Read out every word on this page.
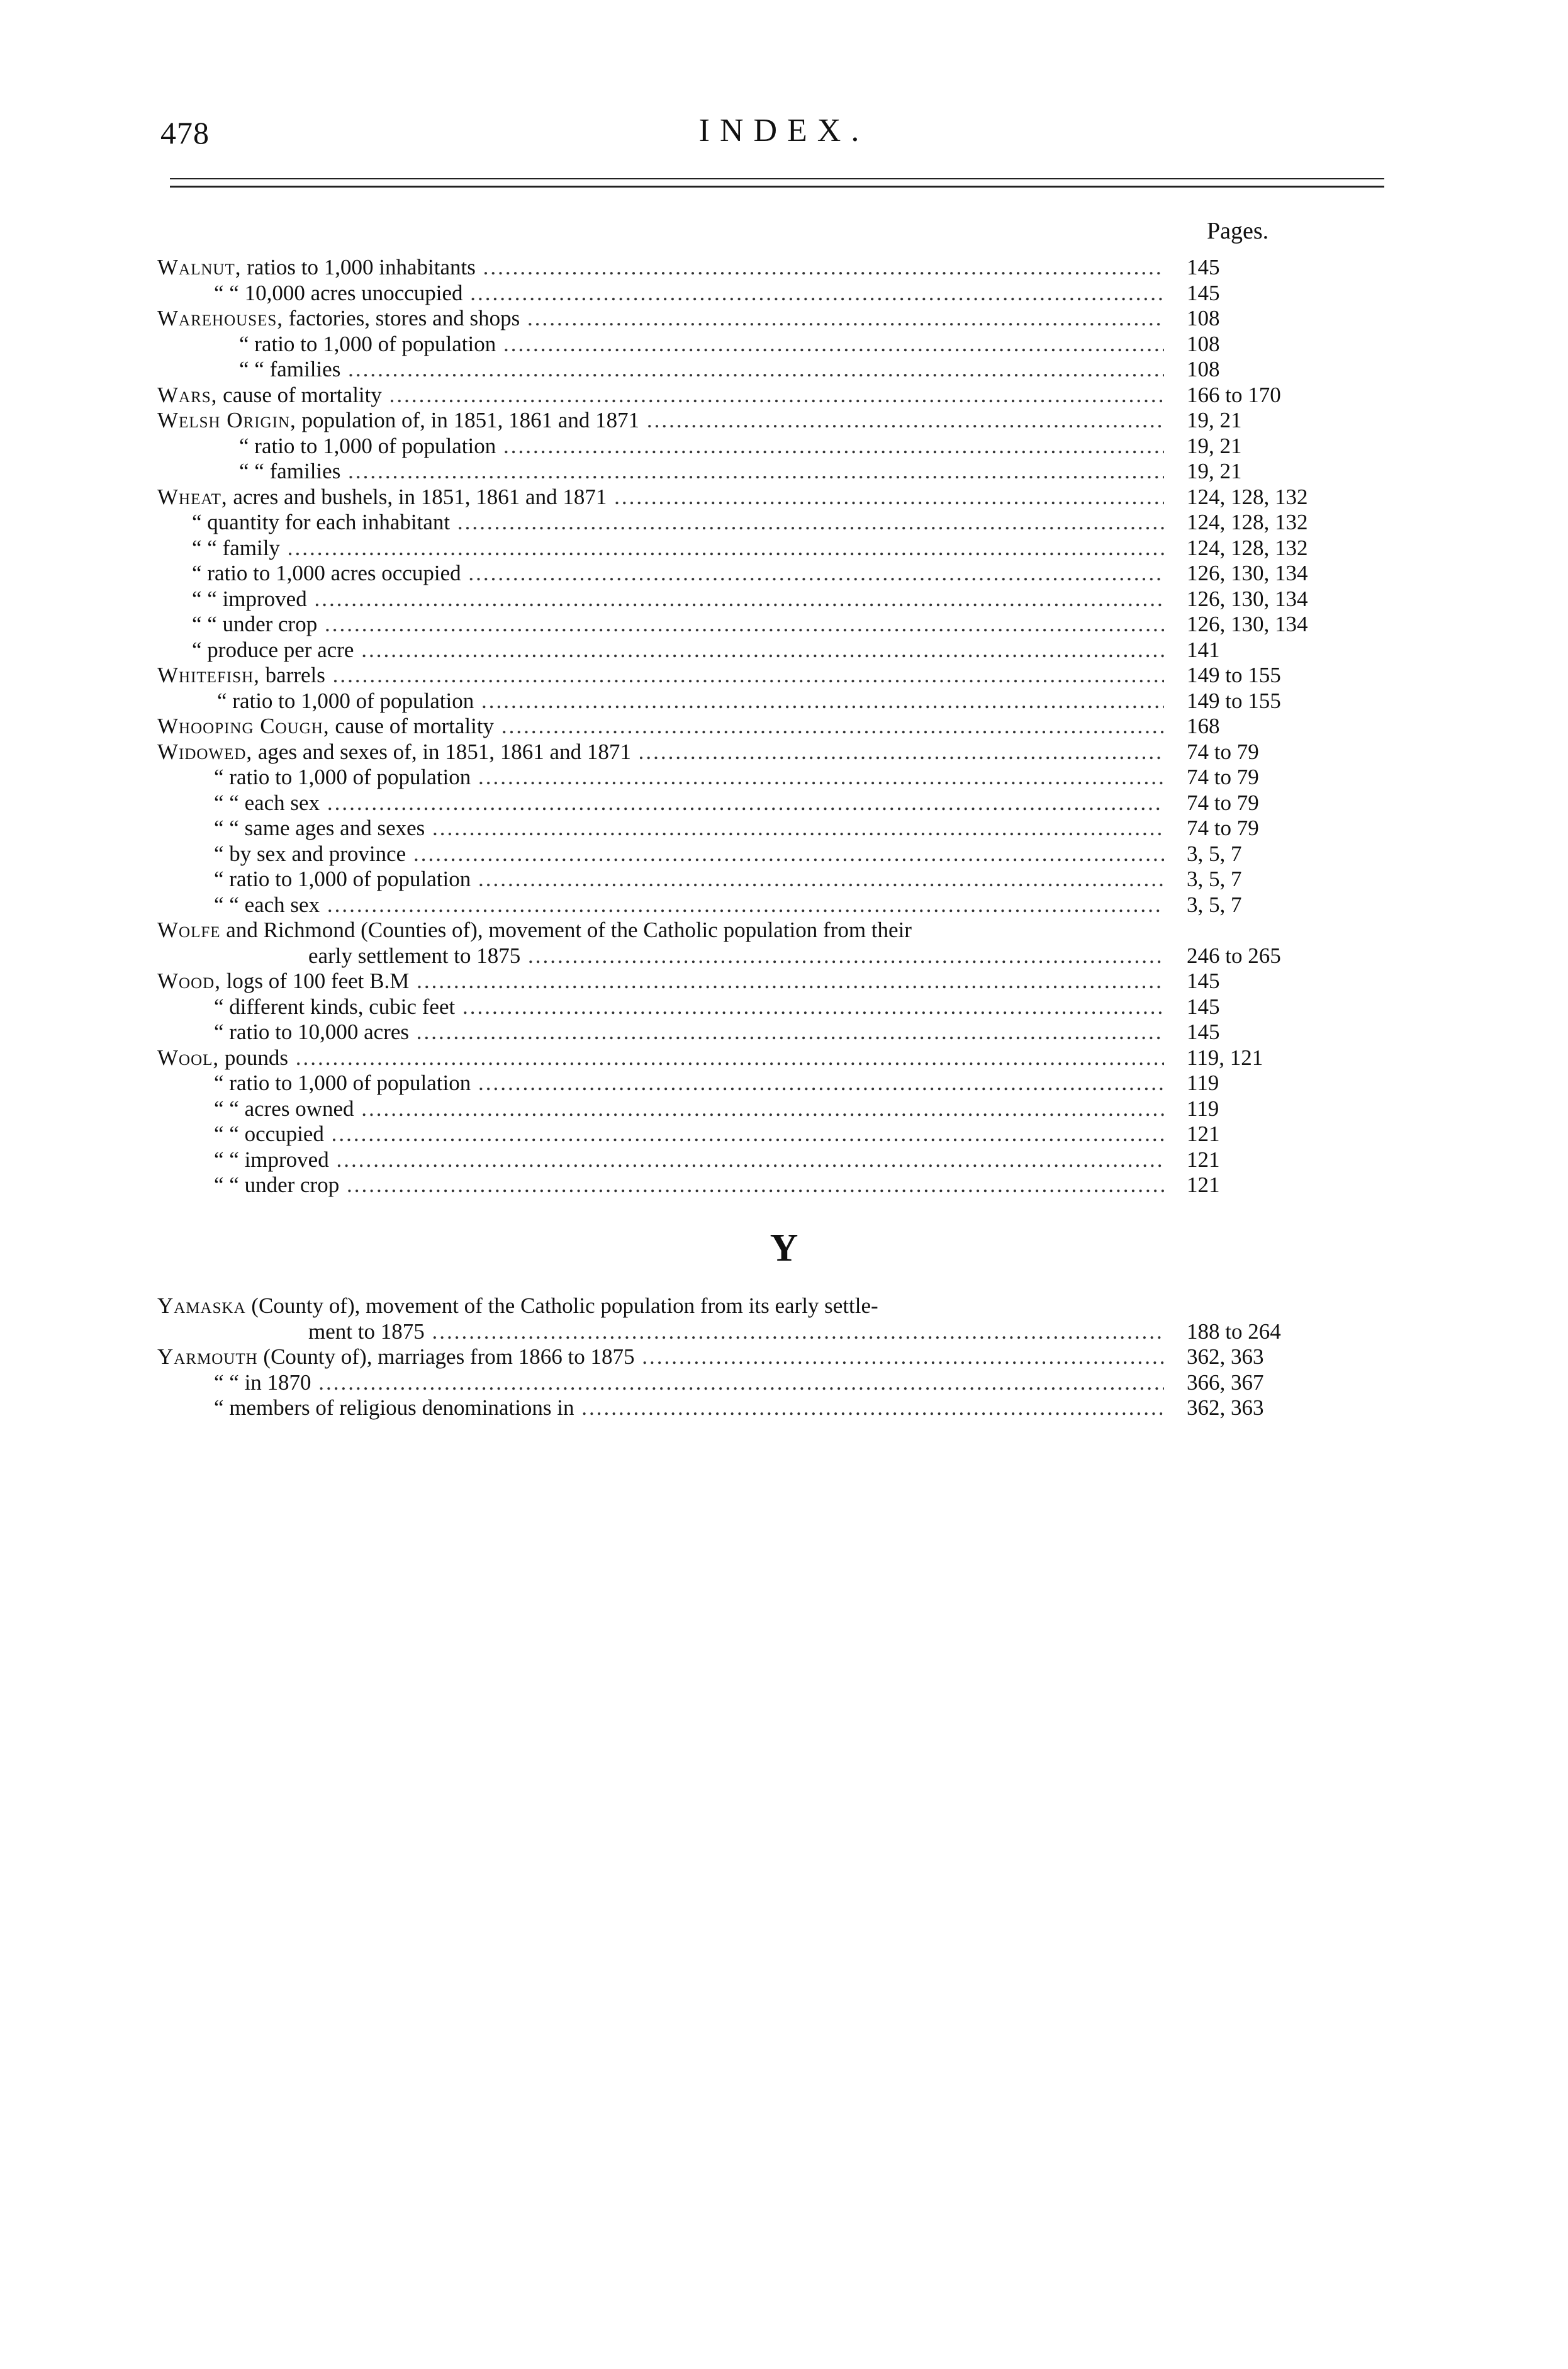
478	INDEX.
Pages.
Walnut, ratios to 1,000 inhabitants .....	145
“ “ 10,000 acres unoccupied .....	145
Warehouses, factories, stores and shops .....	108
“ ratio to 1,000 of population .....	108
“ “ families .....	108
Wars, cause of mortality .....	166 to 170
Welsh Origin, population of, in 1851, 1861 and 1871 .....	19, 21
“ ratio to 1,000 of population .....	19, 21
“ “ families .....	19, 21
Wheat, acres and bushels, in 1851, 1861 and 1871 .....	124, 128, 132
“ quantity for each inhabitant .....	124, 128, 132
“ “ family .....	124, 128, 132
“ ratio to 1,000 acres occupied .....	126, 130, 134
“ “ improved .....	126, 130, 134
“ “ under crop .....	126, 130, 134
“ produce per acre .....	141
Whitefish, barrels .....	149 to 155
“ ratio to 1,000 of population .....	149 to 155
Whooping Cough, cause of mortality .....	168
Widowed, ages and sexes of, in 1851, 1861 and 1871 .....	74 to 79
“ ratio to 1,000 of population .....	74 to 79
“ “ each sex .....	74 to 79
“ “ same ages and sexes .....	74 to 79
“ by sex and province .....	3, 5, 7
“ ratio to 1,000 of population .....	3, 5, 7
“ “ each sex .....	3, 5, 7
Wolfe and Richmond (Counties of), movement of the Catholic population from their
early settlement to 1875 .....	246 to 265
Wood, logs of 100 feet B.M .....	145
“ different kinds, cubic feet .....	145
“ ratio to 10,000 acres .....	145
Wool, pounds .....	119, 121
“ ratio to 1,000 of population .....	119
“ “ acres owned .....	119
“ “ occupied .....	121
“ “ improved .....	121
“ “ under crop .....	121
Y
Yamaska (County of), movement of the Catholic population from its early settle-
ment to 1875 .....	188 to 264
Yarmouth (County of), marriages from 1866 to 1875 .....	362, 363
“ “ in 1870 .....	366, 367
“ members of religious denominations in .....	362, 363
